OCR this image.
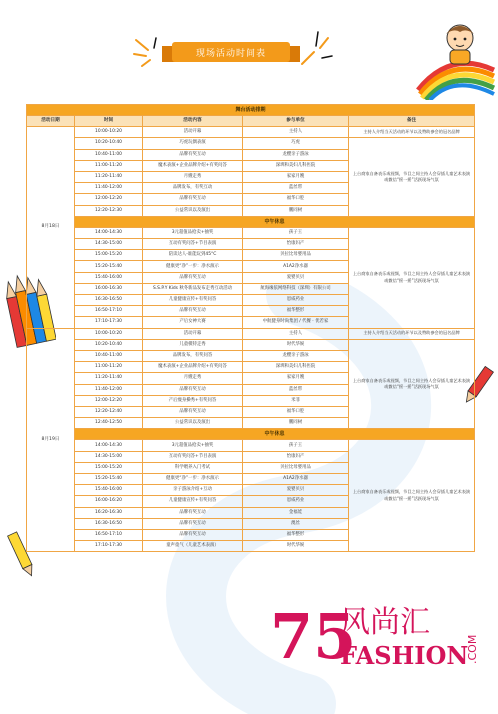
现场活动时间表
舞台活动排期				
活动日期	时间	活动内容	参与单位	备注
8月18日	10:00-10:20	活动开幕	主持人	主持人介绍当天活动的环节以及赞助参会的冠名品牌
	10:20-10:40	巧虎玩偶表演	巧虎	上台商家自备表乐或视频，节目之间主持人会穿插儿童艺术表演或微信“摇一摇”活跃现场气氛
	10:40-11:00	品牌有奖互动	龙樱亲子游泳	
	11:00-11:20	魔术表演+企业品牌介绍+有奖问答	深圳和美妇儿科医院	
	11:20-11:40	月嫂走秀	家家月嫂	
	11:40-12:00	品牌发布，有奖互动	蓝丝带	
	12:00-12:20	品牌有奖互动	福华口腔	
	12:20-12:30	公益常识以及演出	鹏同树	
	中午休息			
	14:00-14:30	3元超值品抢卖+抽奖	孩子王	上台商家自备表乐或视频，节目之间主持人会穿插儿童艺术表演或微信“摇一摇”活跃现场气氛
	14:30-15:00	互动有奖问答+节目表演	怡康妇产	
	15:00-15:20	陪读达人-谁能玩到45°C	贝拉比母婴用品	
	15:20-15:40	健康更“净”一步：净水演示	A1A2净水器	
	15:40-16:00	品牌有奖互动	爱婴贝贝	
	16:00-16:30	S.S.P.Y Kids 秋冬新品发布走秀互动活动	航海缘依网络科技（深圳）有限公司	
	16:30-16:50	儿童健康宣传+有奖问答	恩威药业	
	16:50-17:10	品牌有奖互动	福华整形	
	17:10-17:30	产后女神大赛	中航健身时尚集团 / 代餐 · 优若家	
8月19日	10:00-10:20	活动开幕	主持人	主持人介绍当天活动的环节以及赞助参会的冠名品牌
	10:20-10:40	儿童模特走秀	时代华娱	上台商家自备表乐或视频，节目之间主持人会穿插儿童艺术表演或微信“摇一摇”活跃现场气氛
	10:40-11:00	品牌发布，有奖问答	龙樱亲子游泳	
	11:00-11:20	魔术表演+企业品牌介绍+有奖问答	深圳和美妇儿科医院	
	11:20-11:40	月嫂走秀	家家月嫂	
	11:40-12:00	品牌有奖互动	蓝丝带	
	12:00-12:20	产后瘦身操秀+有奖问答	米菲	
	12:20-12:40	品牌有奖互动	福华口腔	
	12:40-12:50	公益常识以及演出	鹏同树	
	中午休息			
	14:00-14:30	3元超值品抢卖+抽奖	孩子王	上台商家自备表乐或视频，节目之间主持人会穿插儿童艺术表演或微信“摇一摇”活跃现场气氛
	14:30-15:00	互动有奖问答+节目表演	怡康妇产	
	15:00-15:20	科学喂养入门考试	贝拉比母婴用品	
	15:20-15:40	健康更“净”一步：净水演示	A1A2净水器	
	15:40-16:00	亲子游泳介绍+互动	爱婴贝贝	
	16:00-16:20	儿童健康宣传+有奖问答	恩威药业	
	16:20-16:30	品牌有奖互动	金福娃	
	16:30-16:50	品牌有奖互动	澳丝	
	16:50-17:10	品牌有奖互动	福华整形	
	17:10-17:30	童声童气（儿童艺术表演）	时代华娱	
75
风尚汇
FASHION
.COM
